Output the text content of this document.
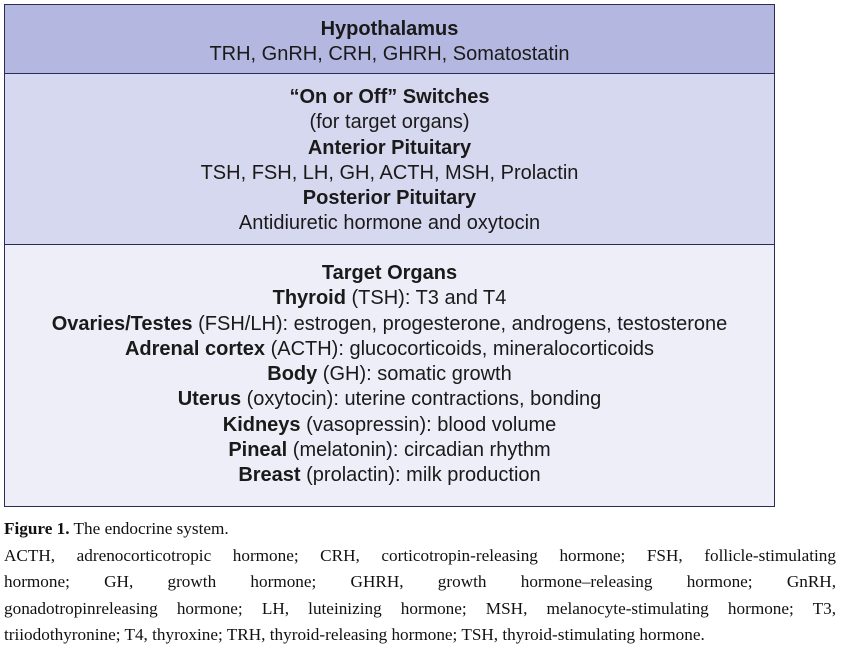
Hypothalamus
TRH, GnRH, CRH, GHRH, Somatostatin
“On or Off” Switches
(for target organs)
Anterior Pituitary
TSH, FSH, LH, GH, ACTH, MSH, Prolactin
Posterior Pituitary
Antidiuretic hormone and oxytocin
Target Organs
Thyroid (TSH): T3 and T4
Ovaries/Testes (FSH/LH): estrogen, progesterone, androgens, testosterone
Adrenal cortex (ACTH): glucocorticoids, mineralocorticoids
Body (GH): somatic growth
Uterus (oxytocin): uterine contractions, bonding
Kidneys (vasopressin): blood volume
Pineal (melatonin): circadian rhythm
Breast (prolactin): milk production
Figure 1. The endocrine system.
ACTH, adrenocorticotropic hormone; CRH, corticotropin-releasing hormone; FSH, follicle-stimulating
hormone; GH, growth hormone; GHRH, growth hormone–releasing hormone; GnRH,
gonadotropinreleasing hormone; LH, luteinizing hormone; MSH, melanocyte-stimulating hormone; T3,
triiodothyronine; T4, thyroxine; TRH, thyroid-releasing hormone; TSH, thyroid-stimulating hormone.
